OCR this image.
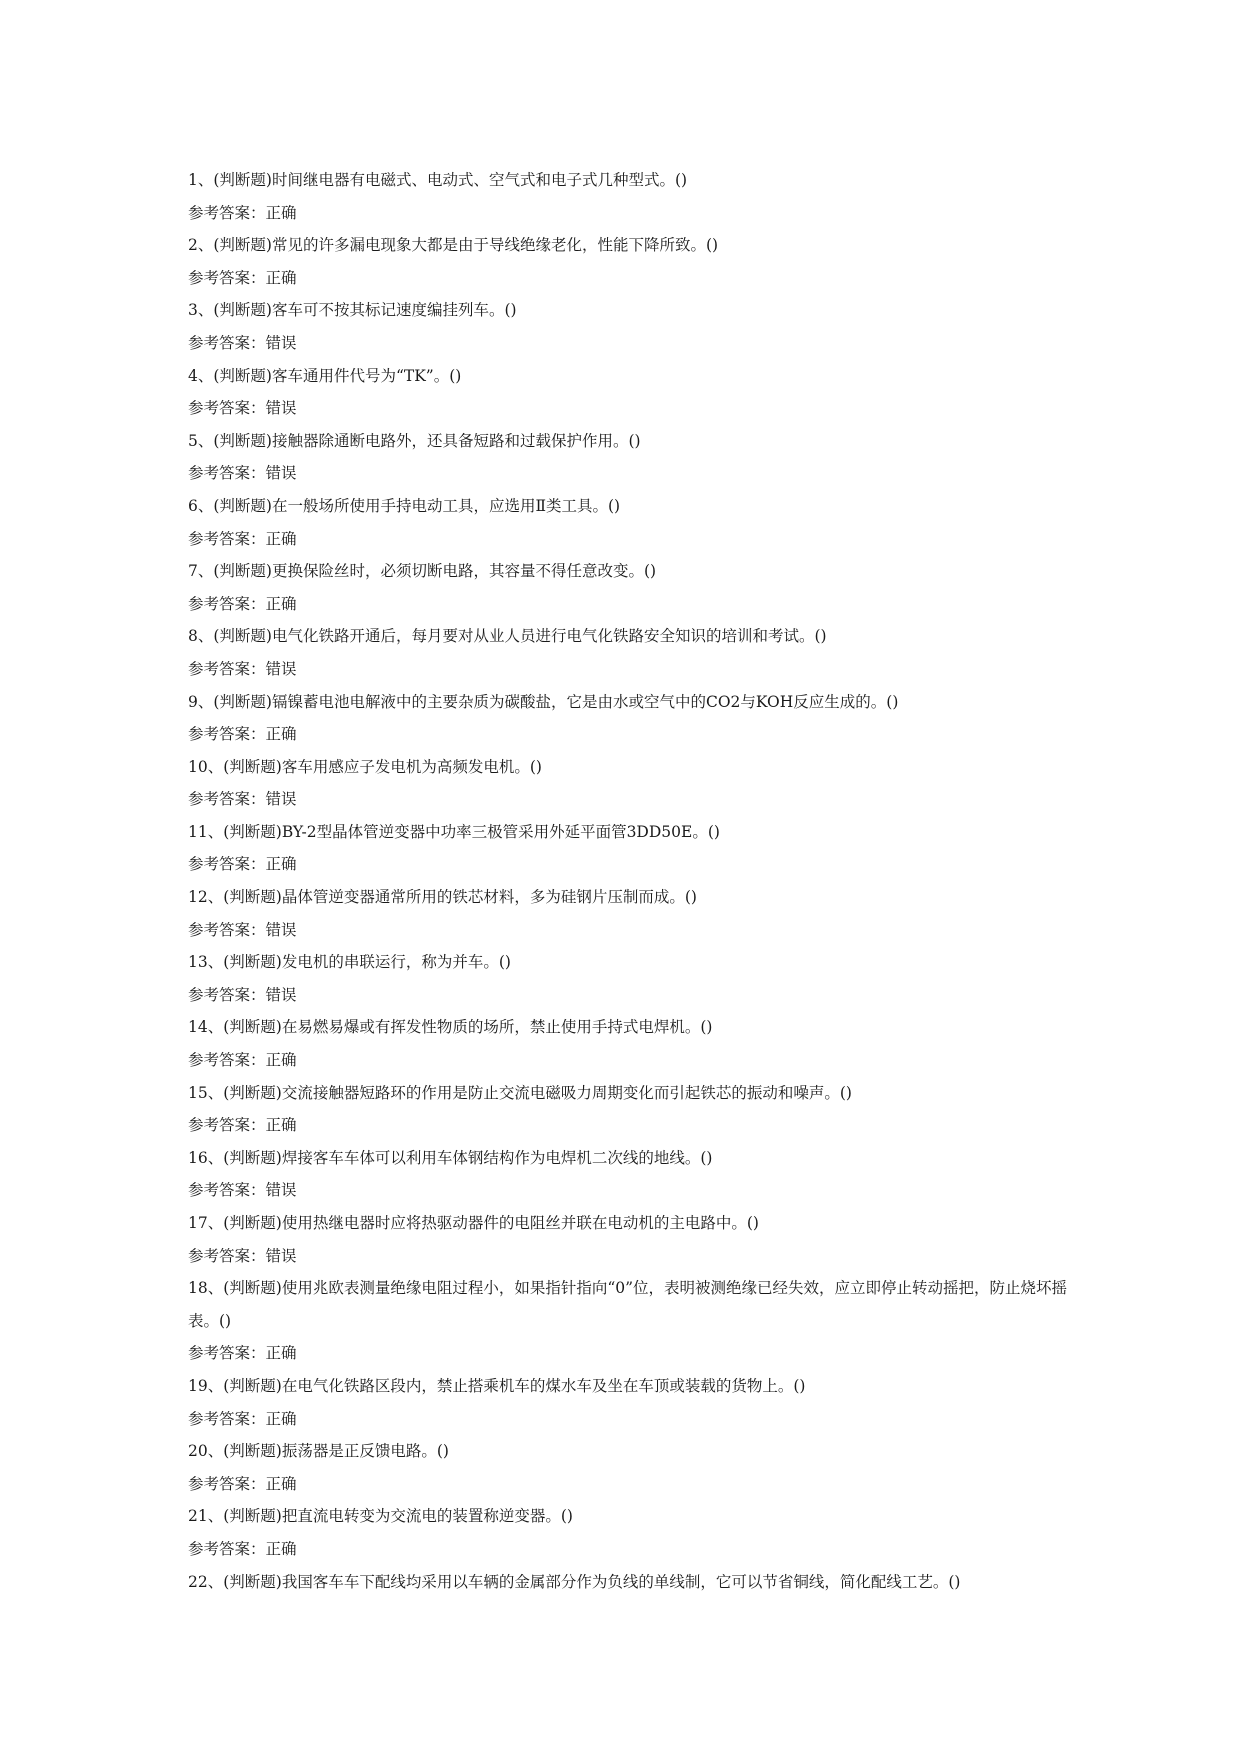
1、(判断题)时间继电器有电磁式、电动式、空气式和电子式几种型式。()
参考答案：正确
2、(判断题)常见的许多漏电现象大都是由于导线绝缘老化，性能下降所致。()
参考答案：正确
3、(判断题)客车可不按其标记速度编挂列车。()
参考答案：错误
4、(判断题)客车通用件代号为“TK”。()
参考答案：错误
5、(判断题)接触器除通断电路外，还具备短路和过载保护作用。()
参考答案：错误
6、(判断题)在一般场所使用手持电动工具，应选用Ⅱ类工具。()
参考答案：正确
7、(判断题)更换保险丝时，必须切断电路，其容量不得任意改变。()
参考答案：正确
8、(判断题)电气化铁路开通后，每月要对从业人员进行电气化铁路安全知识的培训和考试。()
参考答案：错误
9、(判断题)镉镍蓄电池电解液中的主要杂质为碳酸盐，它是由水或空气中的CO2与KOH反应生成的。()
参考答案：正确
10、(判断题)客车用感应子发电机为高频发电机。()
参考答案：错误
11、(判断题)BY-2型晶体管逆变器中功率三极管采用外延平面管3DD50E。()
参考答案：正确
12、(判断题)晶体管逆变器通常所用的铁芯材料，多为硅钢片压制而成。()
参考答案：错误
13、(判断题)发电机的串联运行，称为并车。()
参考答案：错误
14、(判断题)在易燃易爆或有挥发性物质的场所，禁止使用手持式电焊机。()
参考答案：正确
15、(判断题)交流接触器短路环的作用是防止交流电磁吸力周期变化而引起铁芯的振动和噪声。()
参考答案：正确
16、(判断题)焊接客车车体可以利用车体钢结构作为电焊机二次线的地线。()
参考答案：错误
17、(判断题)使用热继电器时应将热驱动器件的电阻丝并联在电动机的主电路中。()
参考答案：错误
18、(判断题)使用兆欧表测量绝缘电阻过程小，如果指针指向“0”位，表明被测绝缘已经失效，应立即停止转动摇把，防止烧坏摇表。()
参考答案：正确
19、(判断题)在电气化铁路区段内，禁止搭乘机车的煤水车及坐在车顶或装载的货物上。()
参考答案：正确
20、(判断题)振荡器是正反馈电路。()
参考答案：正确
21、(判断题)把直流电转变为交流电的装置称逆变器。()
参考答案：正确
22、(判断题)我国客车车下配线均采用以车辆的金属部分作为负线的单线制，它可以节省铜线，简化配线工艺。()
